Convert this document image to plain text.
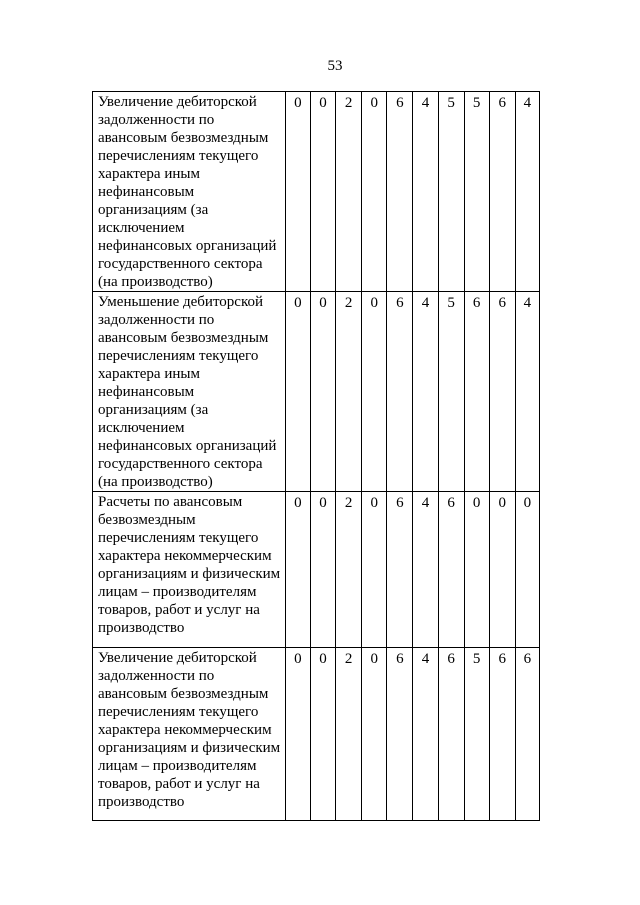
53
Увеличение дебиторской задолженности по авансовым безвозмездным перечислениям текущего характера иным нефинансовым организациям (за исключением нефинансовых организаций государственного сектора (на производство)	0	0	2	0	6	4	5	5	6	4
Уменьшение дебиторской задолженности по авансовым безвозмездным перечислениям текущего характера иным нефинансовым организациям (за исключением нефинансовых организаций государственного сектора (на производство)	0	0	2	0	6	4	5	6	6	4
Расчеты по авансовым безвозмездным перечислениям текущего характера некоммерческим организациям и физическим лицам – производителям товаров, работ и услуг на производство	0	0	2	0	6	4	6	0	0	0
Увеличение дебиторской задолженности по авансовым безвозмездным перечислениям текущего характера некоммерческим организациям и физическим лицам – производителям товаров, работ и услуг на производство	0	0	2	0	6	4	6	5	6	6
